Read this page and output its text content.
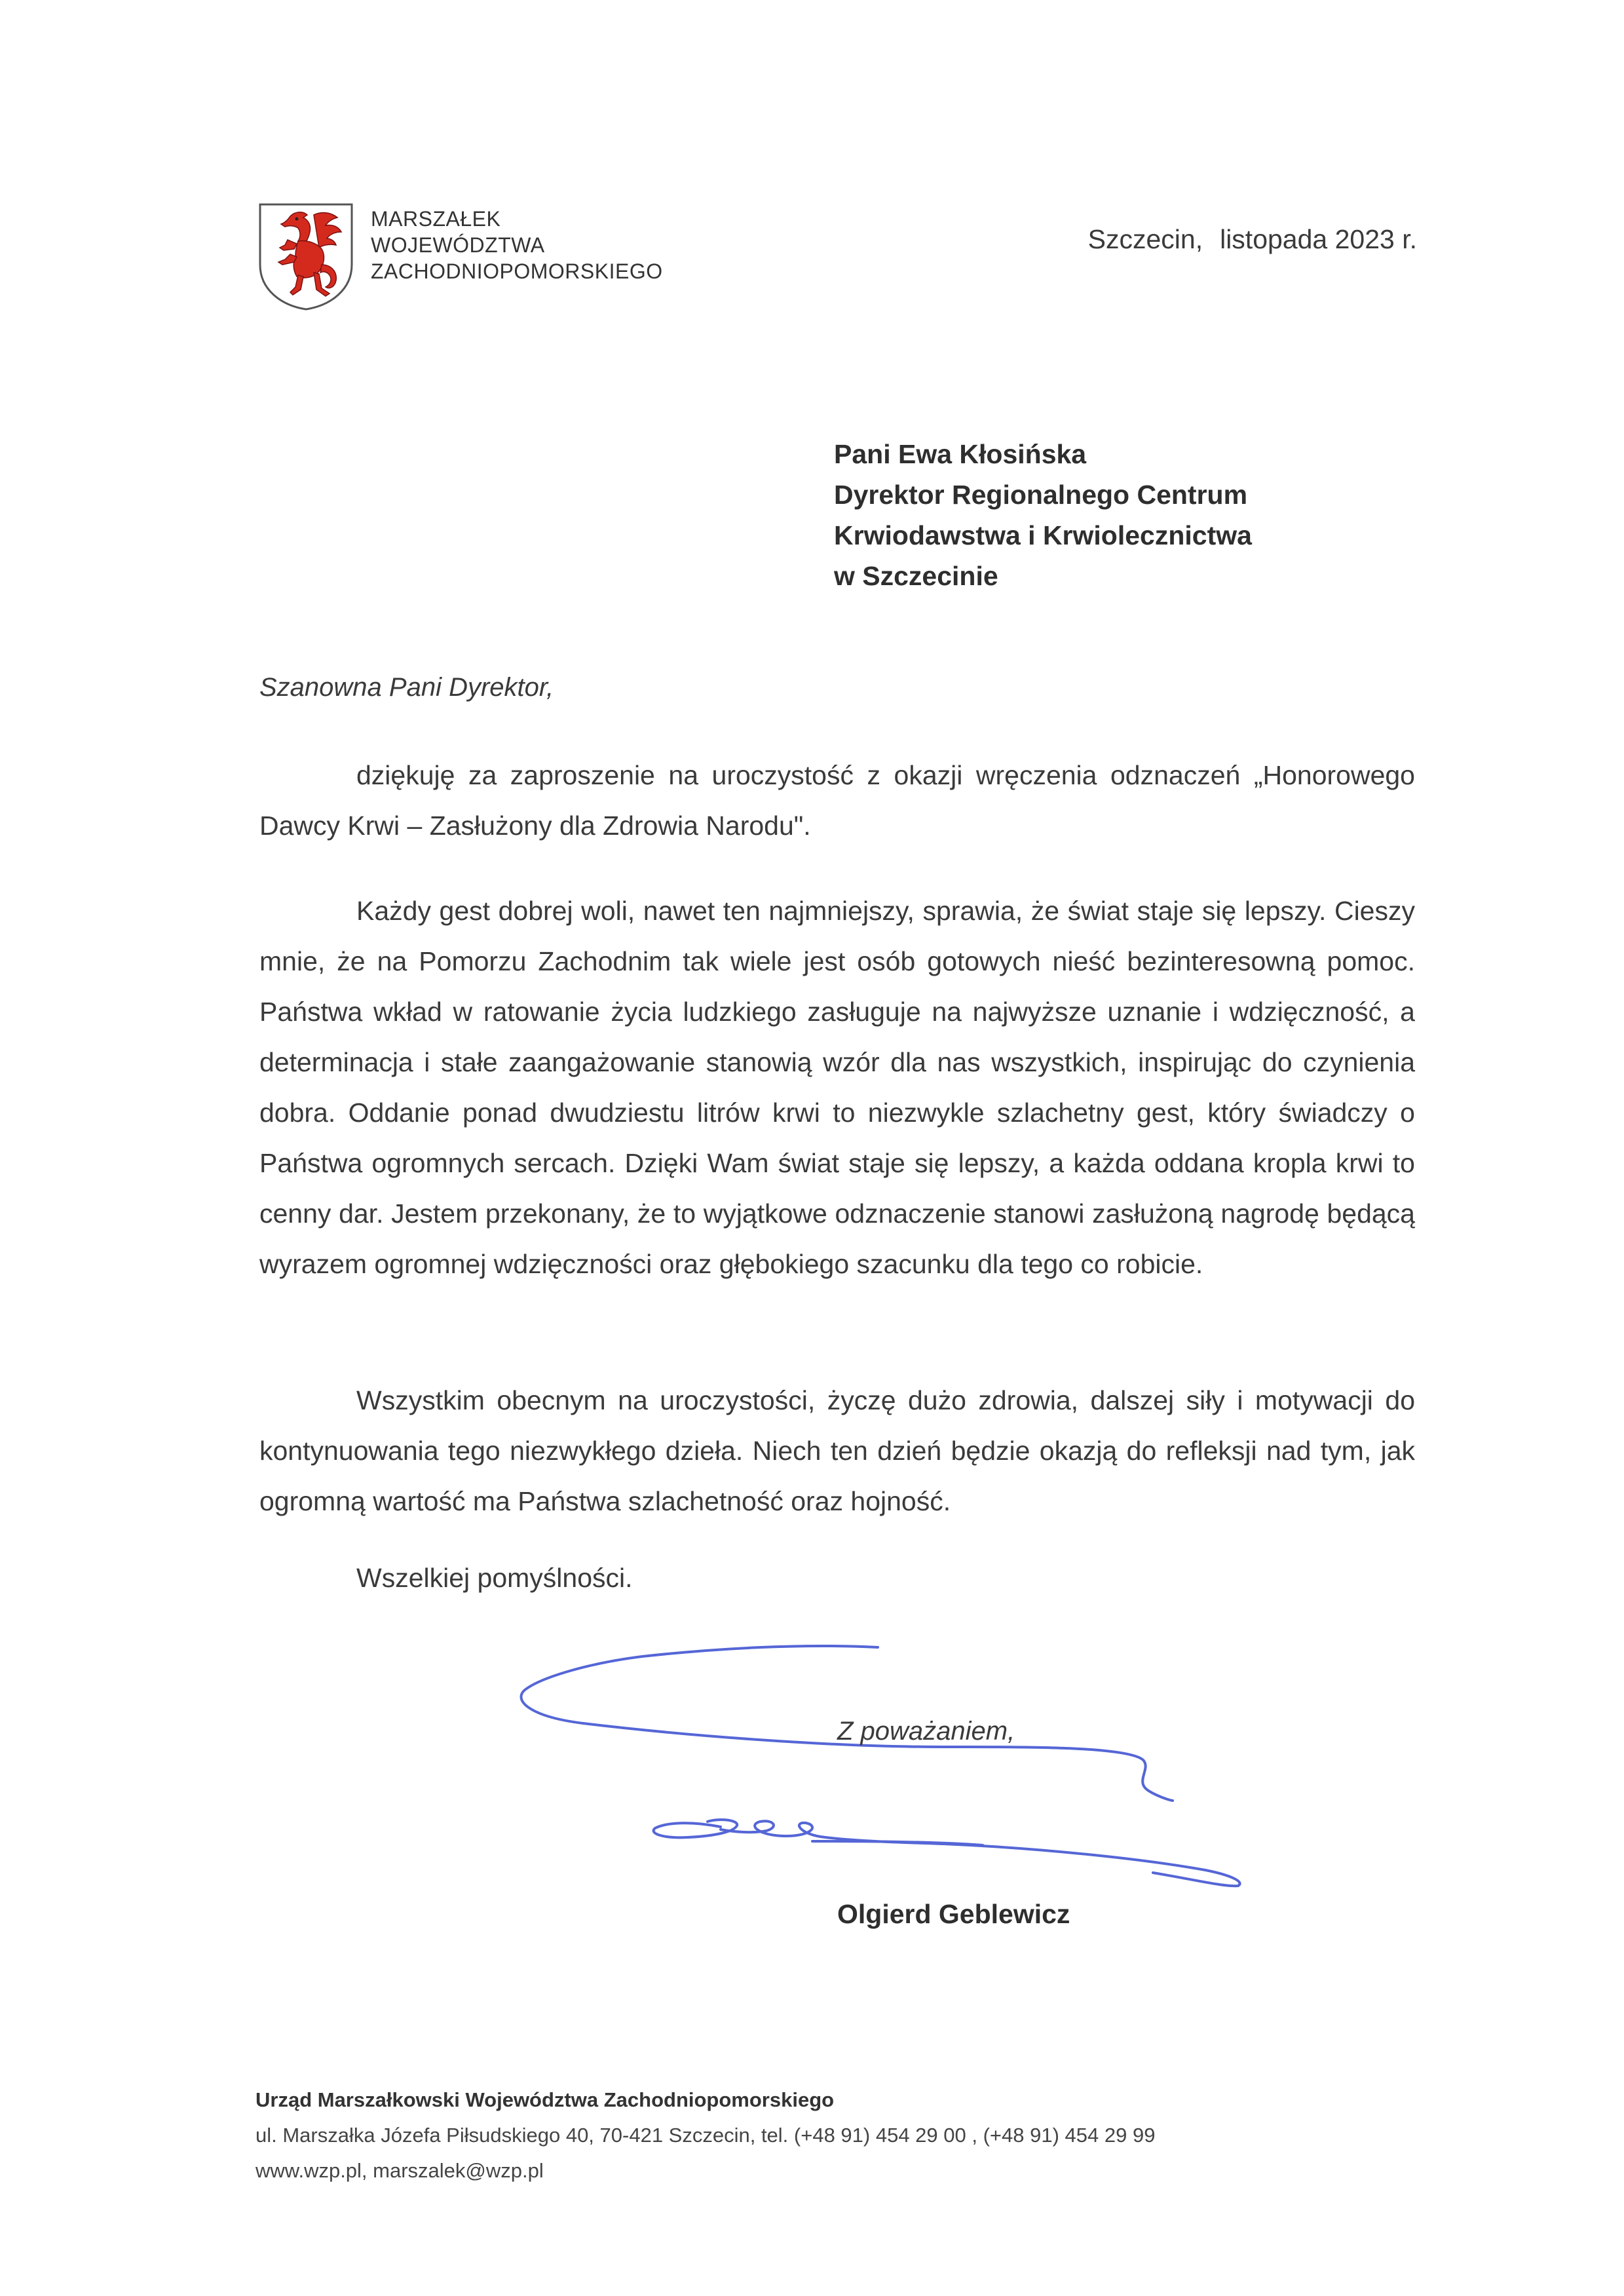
MARSZAŁEK
WOJEWÓDZTWA
ZACHODNIOPOMORSKIEGO
Szczecin, listopada 2023 r.
Pani Ewa Kłosińska
Dyrektor Regionalnego Centrum
Krwiodawstwa i Krwiolecznictwa
w Szczecinie
Szanowna Pani Dyrektor,
dziękuję za zaproszenie na uroczystość z okazji wręczenia odznaczeń „Honorowego Dawcy Krwi – Zasłużony dla Zdrowia Narodu".
Każdy gest dobrej woli, nawet ten najmniejszy, sprawia, że świat staje się lepszy. Cieszy mnie, że na Pomorzu Zachodnim tak wiele jest osób gotowych nieść bezinteresowną pomoc. Państwa wkład w ratowanie życia ludzkiego zasługuje na najwyższe uznanie i wdzięczność, a determinacja i stałe zaangażowanie stanowią wzór dla nas wszystkich, inspirując do czynienia dobra. Oddanie ponad dwudziestu litrów krwi to niezwykle szlachetny gest, który świadczy o Państwa ogromnych sercach. Dzięki Wam świat staje się lepszy, a każda oddana kropla krwi to cenny dar. Jestem przekonany, że to wyjątkowe odznaczenie stanowi zasłużoną nagrodę będącą wyrazem ogromnej wdzięczności oraz głębokiego szacunku dla tego co robicie.
Wszystkim obecnym na uroczystości, życzę dużo zdrowia, dalszej siły i motywacji do kontynuowania tego niezwykłego dzieła. Niech ten dzień będzie okazją do refleksji nad tym, jak ogromną wartość ma Państwa szlachetność oraz hojność.
Wszelkiej pomyślności.
Z poważaniem,
Olgierd Geblewicz
Urząd Marszałkowski Województwa Zachodniopomorskiego
ul. Marszałka Józefa Piłsudskiego 40, 70-421 Szczecin, tel. (+48 91) 454 29 00 , (+48 91) 454 29 99
www.wzp.pl, marszalek@wzp.pl
